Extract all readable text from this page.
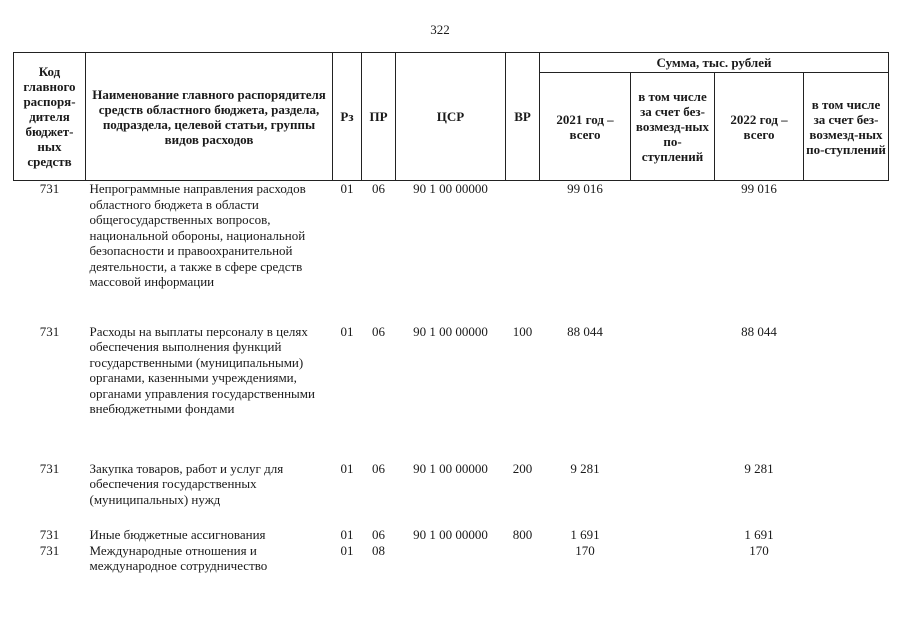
322
Код главного распоря-дителя бюджет-ных средств	Наименование главного распорядителя средств областного бюджета, раздела, подраздела, целевой статьи, группы видов расходов	Рз	ПР	ЦСР	ВР	Сумма, тыс. рублей			
						2021 год – всего	в том числе за счет без-возмезд-ных по-ступлений	2022 год – всего	в том числе за счет без-возмезд-ных по-ступлений
731	Непрограммные направления расходов областного бюджета в области общегосударственных вопросов, национальной обороны, национальной безопасности и правоохранительной деятельности, а также в сфере средств массовой информации	01	06	90 1 00 00000		99 016		99 016	
731	Расходы на выплаты персоналу в целях обеспечения выполнения функций государственными (муниципальными) органами, казенными учреждениями, органами управления государственными внебюджетными фондами	01	06	90 1 00 00000	100	88 044		88 044	
731	Закупка товаров, работ и услуг для обеспечения государственных (муниципальных) нужд	01	06	90 1 00 00000	200	9 281		9 281	
731	Иные бюджетные ассигнования	01	06	90 1 00 00000	800	1 691		1 691	
731	Международные отношения и международное сотрудничество	01	08			170		170	
